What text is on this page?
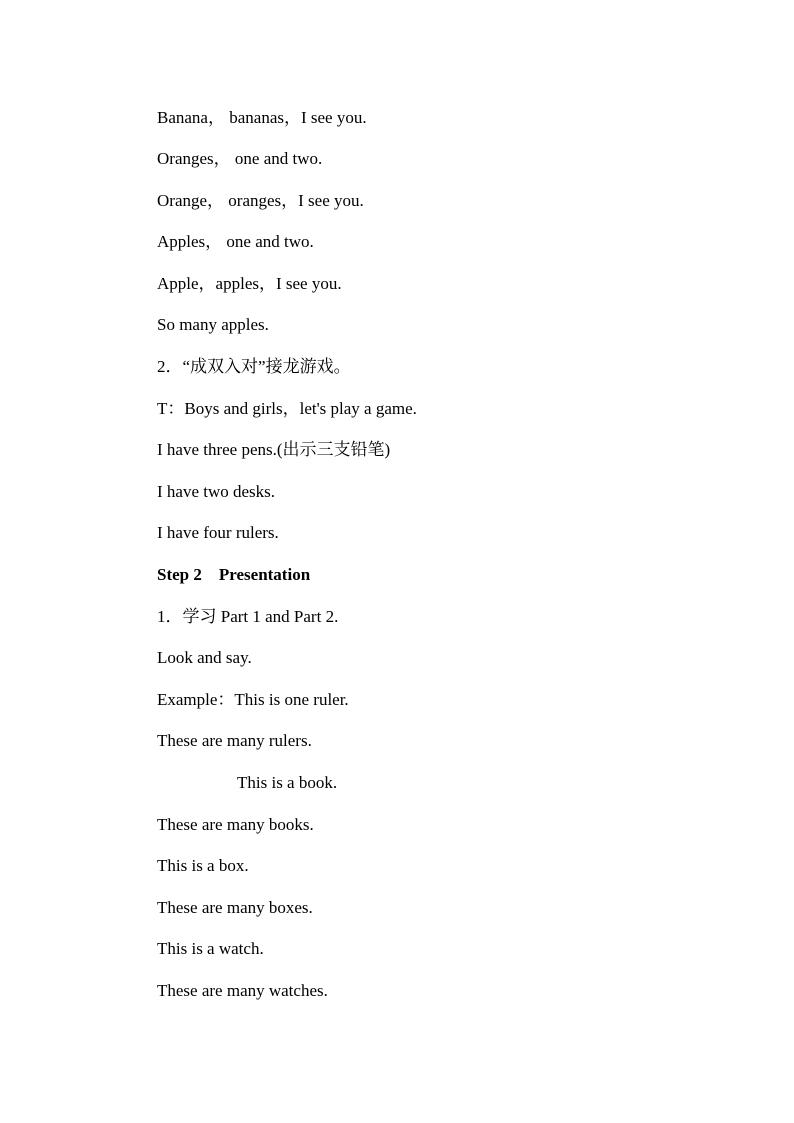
Banana， bananas，I see you.
Oranges， one and two.
Orange， oranges，I see you.
Apples， one and two.
Apple，apples，I see you.
So many apples.
2．“成双入对”接龙游戏。
T：Boys and girls，let's play a game.
I have three pens.(出示三支铅笔)
I have two desks.
I have four rulers.
Step 2    Presentation
1．学习 Part 1 and Part 2.
Look and say.
Example：This is one ruler.
These are many rulers.
This is a book.
These are many books.
This is a box.
These are many boxes.
This is a watch.
These are many watches.
